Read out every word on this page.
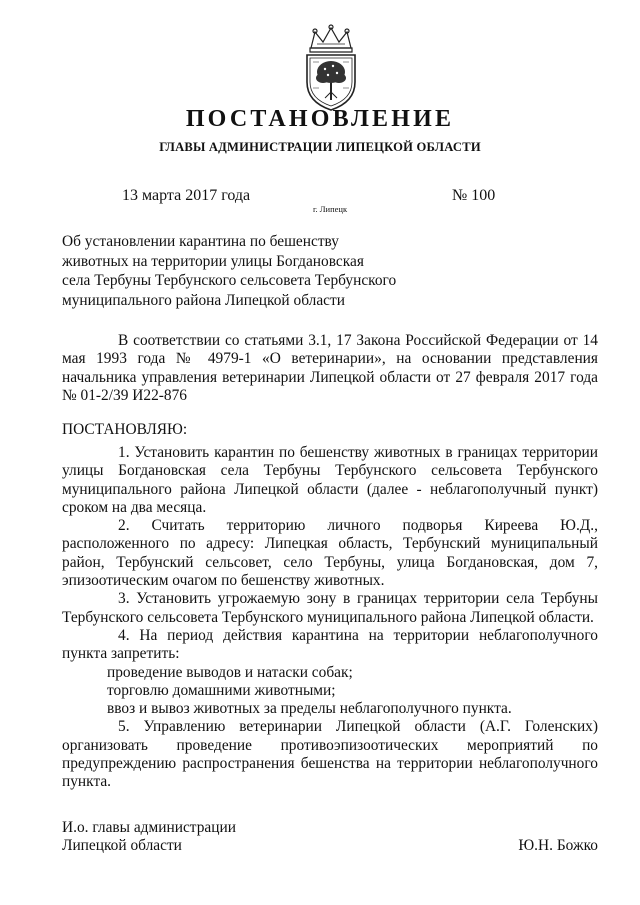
ПОСТАНОВЛЕНИЕ
ГЛАВЫ АДМИНИСТРАЦИИ ЛИПЕЦКОЙ ОБЛАСТИ
13 марта 2017 года
г. Липецк
№ 100
Об установлении карантина по бешенству
животных на территории улицы Богдановская
села Тербуны Тербунского сельсовета Тербунского
муниципального района Липецкой области

В соответствии со статьями 3.1, 17 Закона Российской Федерации от 14 мая 1993 года № 4979-1 «О ветеринарии», на основании представления начальника управления ветеринарии Липецкой области от 27 февраля 2017 года № 01-2/39 И22-876

ПОСТАНОВЛЯЮ:

1. Установить карантин по бешенству животных в границах территории улицы Богдановская села Тербуны Тербунского сельсовета Тербунского муниципального района Липецкой области (далее - неблагополучный пункт) сроком на два месяца.

2. Считать территорию личного подворья Киреева Ю.Д., расположенного по адресу: Липецкая область, Тербунский муниципальный район, Тербунский сельсовет, село Тербуны, улица Богдановская, дом 7, эпизоотическим очагом по бешенству животных.

3. Установить угрожаемую зону в границах территории села Тербуны Тербунского сельсовета Тербунского муниципального района Липецкой области.

4. На период действия карантина на территории неблагополучного пункта запретить:

проведение выводов и натаски собак;

торговлю домашними животными;

ввоз и вывоз животных за пределы неблагополучного пункта.

5. Управлению ветеринарии Липецкой области (А.Г. Голенских) организовать проведение противоэпизоотических мероприятий по предупреждению распространения бешенства на территории неблагополучного пункта.

И.о. главы администрации
Липецкой области	Ю.Н. Божко
